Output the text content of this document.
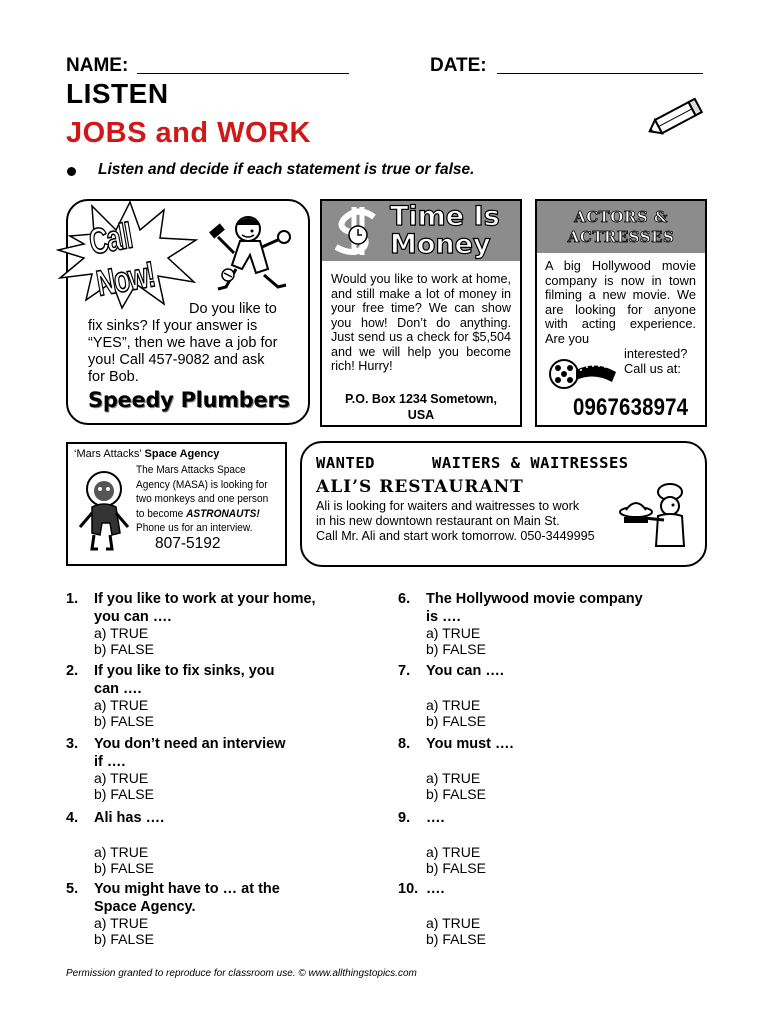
NAME:	DATE:
LISTEN
JOBS and WORK
Listen and decide if each statement is true or false.
Call Now!
Do you like to
fix sinks? If your answer is “YES”, then we have a job for you! Call 457-9082 and ask for Bob.
Speedy Plumbers
Time Is
Money
Would you like to work at home, and still make a lot of money in your free time? We can show you how! Don’t do anything. Just send us a check for $5,504 and we will help you become rich! Hurry!
P.O. Box 1234 Sometown,
USA
ACTORS &
ACTRESSES
A big Hollywood movie company is now in town filming a new movie. We are looking for anyone with acting experience. Are you
interested?
Call us at:
0967638974
‘Mars Attacks’ Space Agency
The Mars Attacks Space Agency (MASA) is looking for two monkeys and one person to become ASTRONAUTS! Phone us for an interview.
807-5192
WANTED	WAITERS & WAITRESSES
ALI’S RESTAURANT
Ali is looking for waiters and waitresses to work
in his new downtown restaurant on Main St.
Call Mr. Ali and start work tomorrow. 050-3449995
1. If you like to work at your home,
you can ….
a) TRUE
b) FALSE
2. If you like to fix sinks, you
can ….
a) TRUE
b) FALSE
3. You don’t need an interview
if ….
a) TRUE
b) FALSE
4. Ali has ….
a) TRUE
b) FALSE
5. You might have to … at the
Space Agency.
a) TRUE
b) FALSE
6. The Hollywood movie company
is ….
a) TRUE
b) FALSE
7. You can ….
a) TRUE
b) FALSE
8. You must ….
a) TRUE
b) FALSE
9. ….
a) TRUE
b) FALSE
10. ….
a) TRUE
b) FALSE
Permission granted to reproduce for classroom use. © www.allthingstopics.com
